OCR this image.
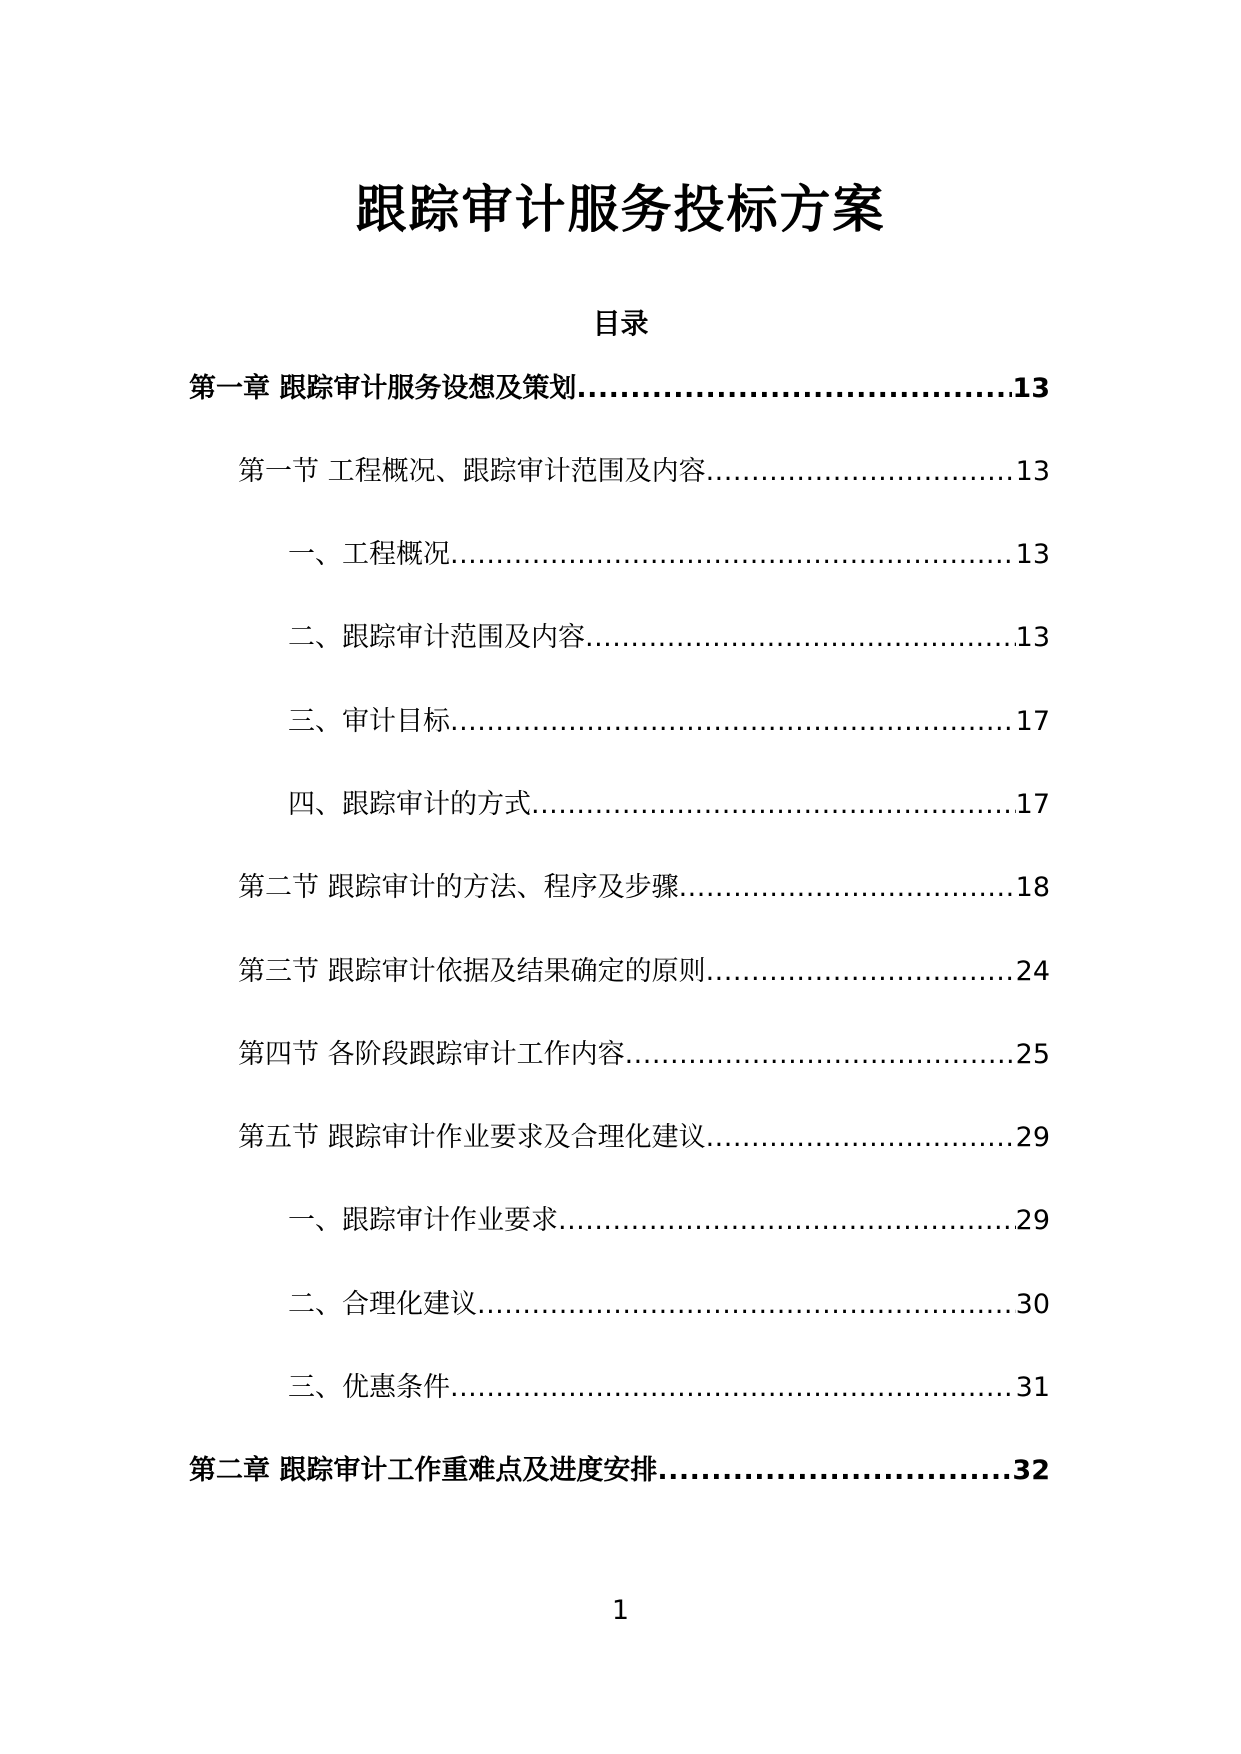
跟踪审计服务投标方案
目录
第一章 跟踪审计服务设想及策划 .....	13
第一节 工程概况、跟踪审计范围及内容 .....	13
一、工程概况 .....	13
二、跟踪审计范围及内容 .....	13
三、审计目标 .....	17
四、跟踪审计的方式 .....	17
第二节 跟踪审计的方法、程序及步骤 .....	18
第三节 跟踪审计依据及结果确定的原则 .....	24
第四节 各阶段跟踪审计工作内容 .....	25
第五节 跟踪审计作业要求及合理化建议 .....	29
一、跟踪审计作业要求 .....	29
二、合理化建议 .....	30
三、优惠条件 .....	31
第二章 跟踪审计工作重难点及进度安排 .....	32
1
